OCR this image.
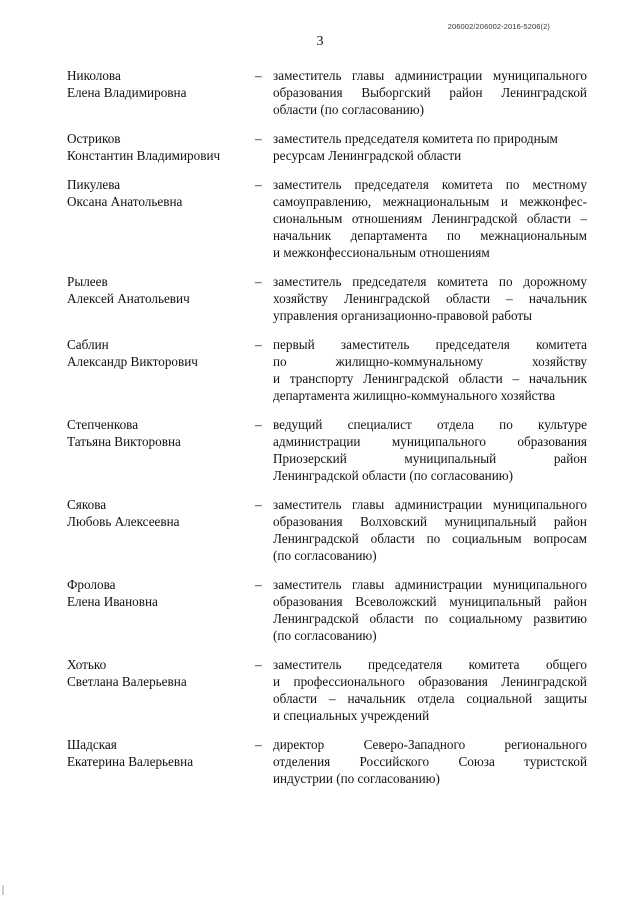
206002/206002-2016-5206(2)
3
Николова
Елена Владимировна
– заместитель главы администрации муниципального
образования Выборгский район Ленинградской
области (по согласованию)
Остриков
Константин Владимирович
– заместитель председателя комитета по природным
ресурсам Ленинградской области
Пикулева
Оксана Анатольевна
– заместитель председателя комитета по местному
самоуправлению, межнациональным и межконфес-
сиональным отношениям Ленинградской области –
начальник департамента по межнациональным
и межконфессиональным отношениям
Рылеев
Алексей Анатольевич
– заместитель председателя комитета по дорожному
хозяйству Ленинградской области – начальник
управления организационно-правовой работы
Саблин
Александр Викторович
– первый заместитель председателя комитета
по жилищно-коммунальному хозяйству
и транспорту Ленинградской области – начальник
департамента жилищно-коммунального хозяйства
Степченкова
Татьяна Викторовна
– ведущий специалист отдела по культуре
администрации муниципального образования
Приозерский муниципальный район
Ленинградской области (по согласованию)
Сякова
Любовь Алексеевна
– заместитель главы администрации муниципального
образования Волховский муниципальный район
Ленинградской области по социальным вопросам
(по согласованию)
Фролова
Елена Ивановна
– заместитель главы администрации муниципального
образования Всеволожский муниципальный район
Ленинградской области по социальному развитию
(по согласованию)
Хотько
Светлана Валерьевна
– заместитель председателя комитета общего
и профессионального образования Ленинградской
области – начальник отдела социальной защиты
и специальных учреждений
Шадская
Екатерина Валерьевна
– директор Северо-Западного регионального
отделения Российского Союза туристской
индустрии (по согласованию)
